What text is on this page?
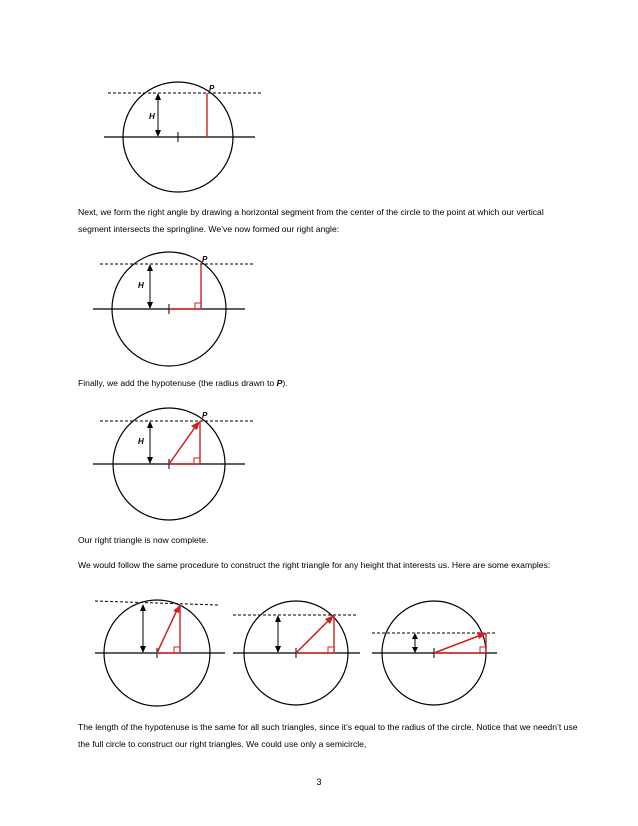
H
P

Next, we form the right angle by drawing a horizontal segment from the center of the circle to the point at which our vertical segment intersects the springline. We’ve now formed our right angle:

H
P

Finally, we add the hypotenuse (the radius drawn to P).

H
P

Our right triangle is now complete.

We would follow the same procedure to construct the right triangle for any height that interests us. Here are some examples:

The length of the hypotenuse is the same for all such triangles, since it’s equal to the radius of the circle. Notice that we needn’t use the full circle to construct our right triangles. We could use only a semicircle,

3
